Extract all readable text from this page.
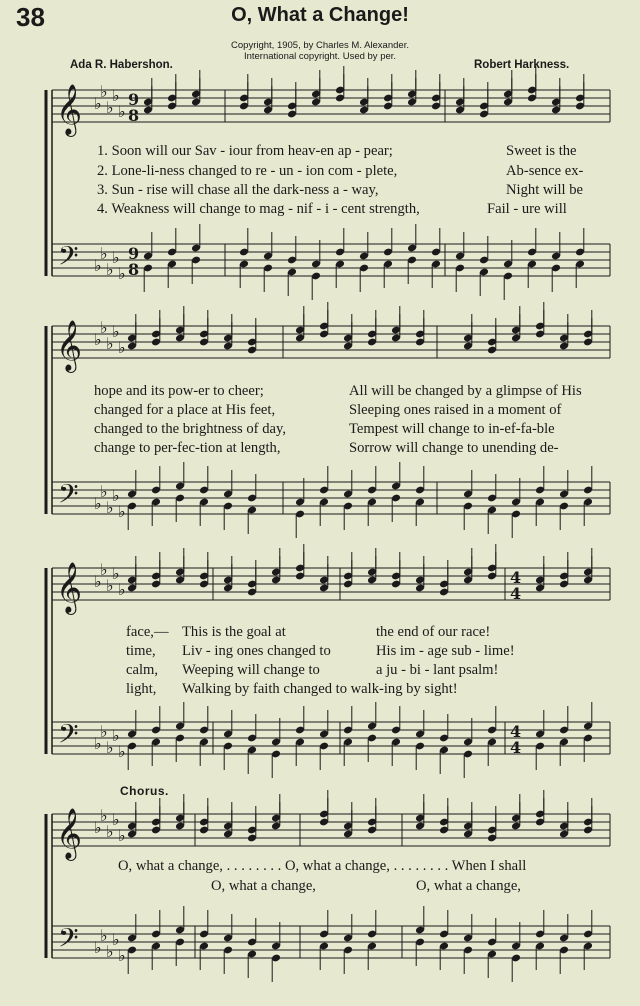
38	O, What a Change!
Copyright, 1905, by Charles M. Alexander.
International copyright. Used by per.
Ada R. Habershon.	Robert Harkness.
𝄞
𝄢
♭
♭
♭
♭
♭
♭
♭
♭
♭
♭
9
8
9
8
𝄞
𝄢
♭
♭
♭
♭
♭
♭
♭
♭
♭
♭
𝄞
𝄢
♭
♭
♭
♭
♭
♭
♭
♭
♭
♭
4
4
4
4
𝄞
𝄢
♭
♭
♭
♭
♭
♭
♭
♭
♭
♭
1. Soon will our Sav - iour from heav-en ap - pear;	Sweet is the
2. Lone-li-ness changed to re - un - ion com - plete,	Ab-sence ex-
3. Sun - rise will chase all the dark-ness a - way,	Night will be
4. Weakness will change to mag - nif - i - cent strength,	Fail - ure will
hope and its pow-er to cheer;	All will be changed by a glimpse of His
changed for a place at His feet,	Sleeping ones raised in a moment of
changed to the brightness of day,	Tempest will change to in-ef-fa-ble
change to per-fec-tion at length,	Sorrow will change to unending de-
face,— This is the goal at	the end of our race!
time, Liv - ing ones changed to	His im - age sub - lime!
calm, Weeping will change to	a ju - bi - lant psalm!
light, Walking by faith changed to walk-ing by sight!
Chorus.
O, what a change, . . . . . . . . O, what a change, . . . . . . . . When I shall
O, what a change,	O, what a change,
